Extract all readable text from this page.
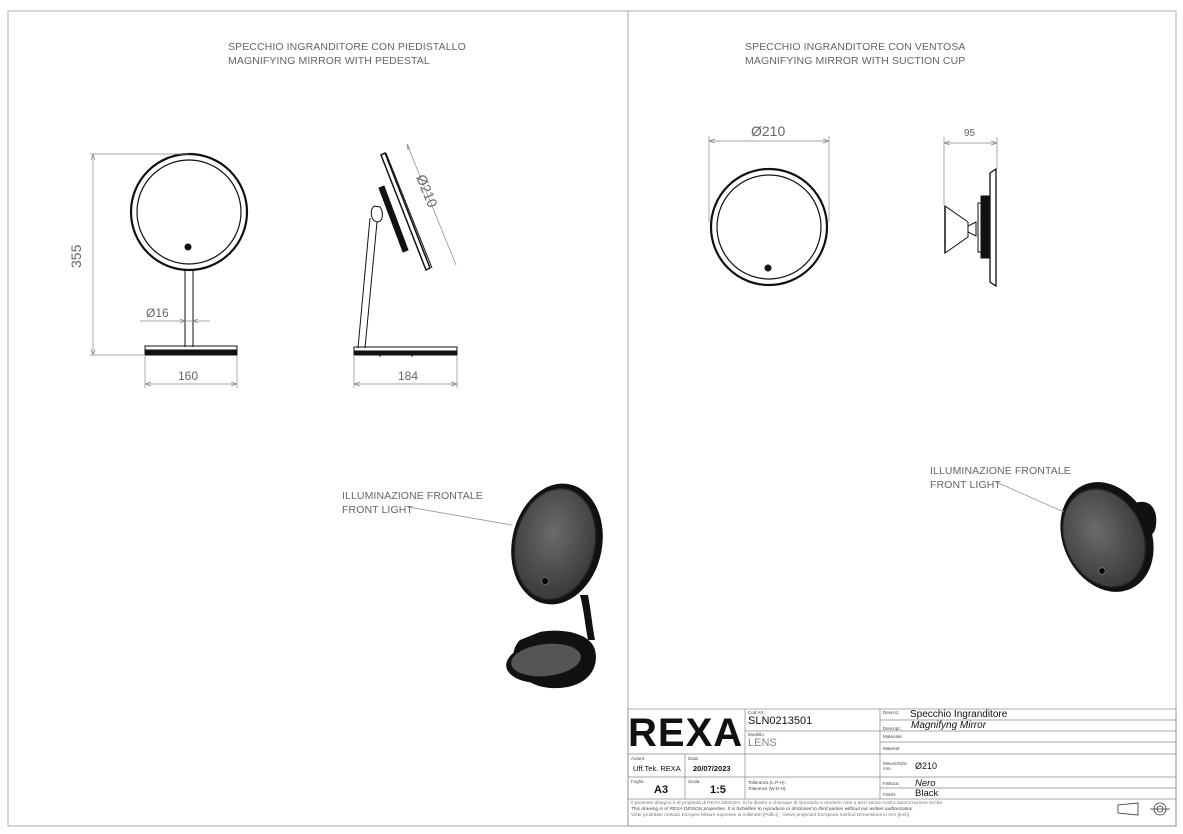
SPECCHIO INGRANDITORE CON PIEDISTALLO
MAGNIFYING MIRROR WITH PEDESTAL
SPECCHIO INGRANDITORE CON VENTOSA
MAGNIFYING MIRROR WITH SUCTION CUP
355
160
Ø16
184
Ø210
Ø210	95
ILLUMINAZIONE FRONTALE
FRONT LIGHT
ILLUMINAZIONE FRONTALE
FRONT LIGHT
REXA	Cod.Art.:
SLN0213501
Modello
LENS
Descriz.: Specchio Ingranditore
Descript.: Magnifyng Mirror
Materiale:
Material:
Autore:
Uff.Tek. REXA
Data:
20/07/2023
Misure/Size: mm.	Ø210
Foglio:
A3
Scala:
1:5
Tolleranza (L-P-H):
Tolerance (W-D-H):
Finitura: Nero
Finish: Black
Il presente disegno è di proprietà di REXA DESIGN. Si fa divieto a chiunque di riprodurlo o renderlo noto a terzi senza nostra autorizzazione scritta
This drawing is of REXA DESIGN properties. It is forbidden to reproduce or disclosed to third parties without our written authorization
Viste proiettate metodo Europeo Misure espresse in millimetri [Pollici] - Views projected European method Dimensions in mm [inch]
